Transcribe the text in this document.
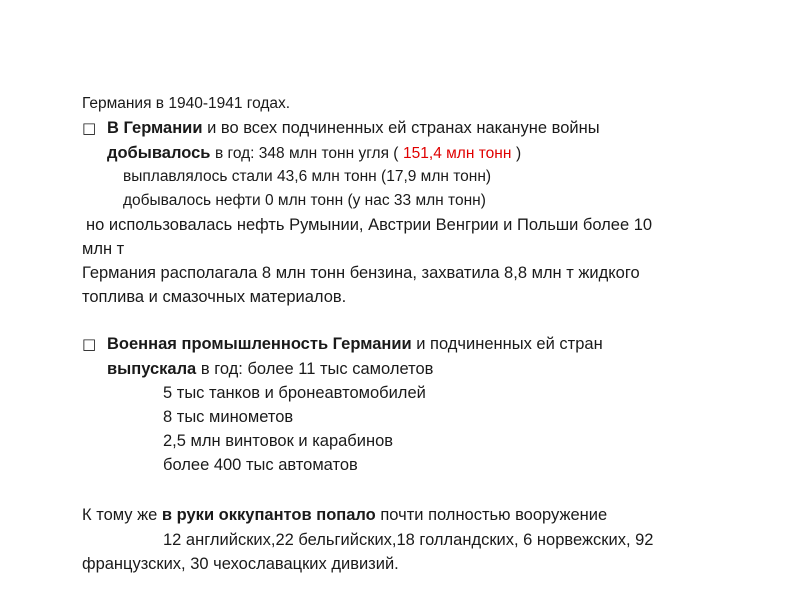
Германия в 1940-1941 годах.
□ В Германии и во всех подчиненных ей странах накануне войны
добывалось в год: 348 млн тонн угля ( 151,4 млн тонн )
выплавлялось стали 43,6 млн тонн (17,9 млн тонн)
добывалось нефти 0 млн тонн (у нас 33 млн тонн)
но использовалась нефть Румынии, Австрии Венгрии и Польши более 10
млн т
Германия располагала 8 млн тонн бензина, захватила 8,8 млн т жидкого
топлива и смазочных материалов.
□ Военная промышленность Германии и подчиненных ей стран
выпускала в год: более 11 тыс самолетов
5 тыс танков и бронеавтомобилей
8 тыс минометов
2,5 млн винтовок и карабинов
более 400 тыс автоматов
К тому же в руки оккупантов попало почти полностью вооружение
12 английских,22 бельгийских,18 голландских, 6 норвежских, 92
французских, 30 чехославацких дивизий.
